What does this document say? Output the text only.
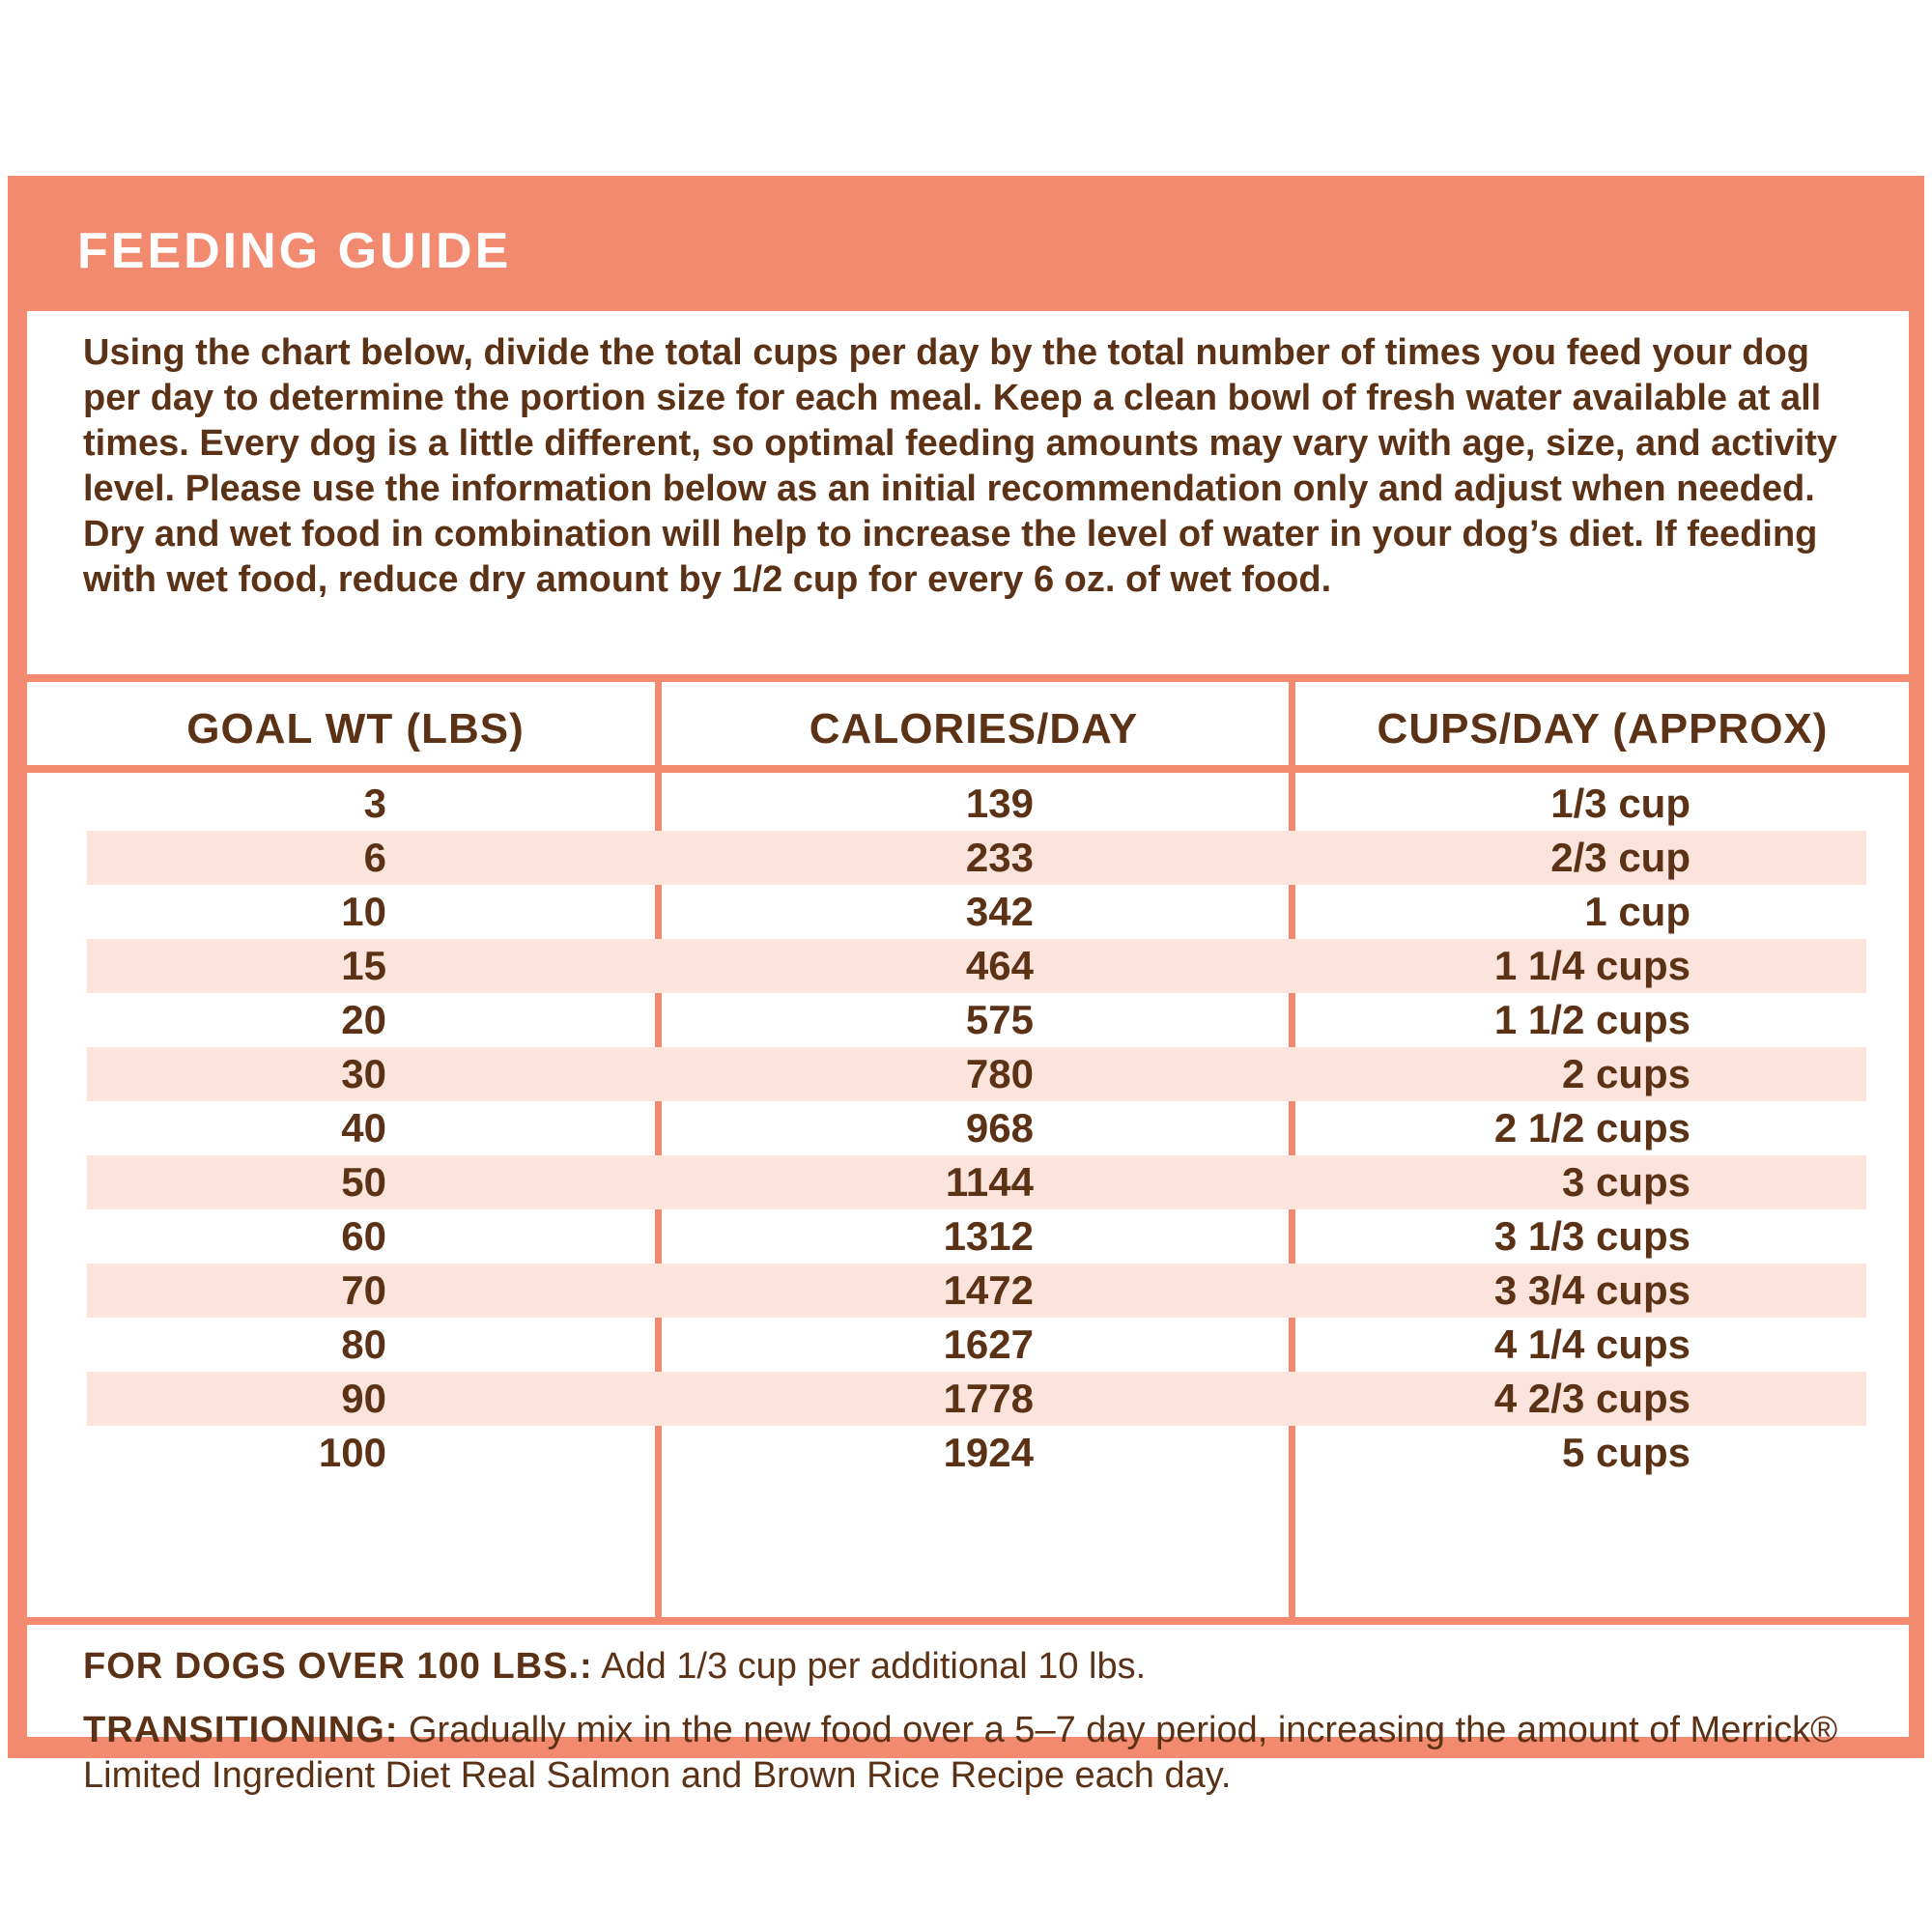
FEEDING GUIDE
Using the chart below, divide the total cups per day by the total number of times you feed your dog per day to determine the portion size for each meal. Keep a clean bowl of fresh water available at all times. Every dog is a little different, so optimal feeding amounts may vary with age, size, and activity level. Please use the information below as an initial recommendation only and adjust when needed. Dry and wet food in combination will help to increase the level of water in your dog’s diet. If feeding with wet food, reduce dry amount by 1/2 cup for every 6 oz. of wet food.
GOAL WT (LBS)	CALORIES/DAY	CUPS/DAY (APPROX)
3	139	1/3 cup
6	233	2/3 cup
10	342	1 cup
15	464	1 1/4 cups
20	575	1 1/2 cups
30	780	2 cups
40	968	2 1/2 cups
50	1144	3 cups
60	1312	3 1/3 cups
70	1472	3 3/4 cups
80	1627	4 1/4 cups
90	1778	4 2/3 cups
100	1924	5 cups
FOR DOGS OVER 100 LBS.: Add 1/3 cup per additional 10 lbs.
TRANSITIONING: Gradually mix in the new food over a 5–7 day period, increasing the amount of Merrick® Limited Ingredient Diet Real Salmon and Brown Rice Recipe each day.
